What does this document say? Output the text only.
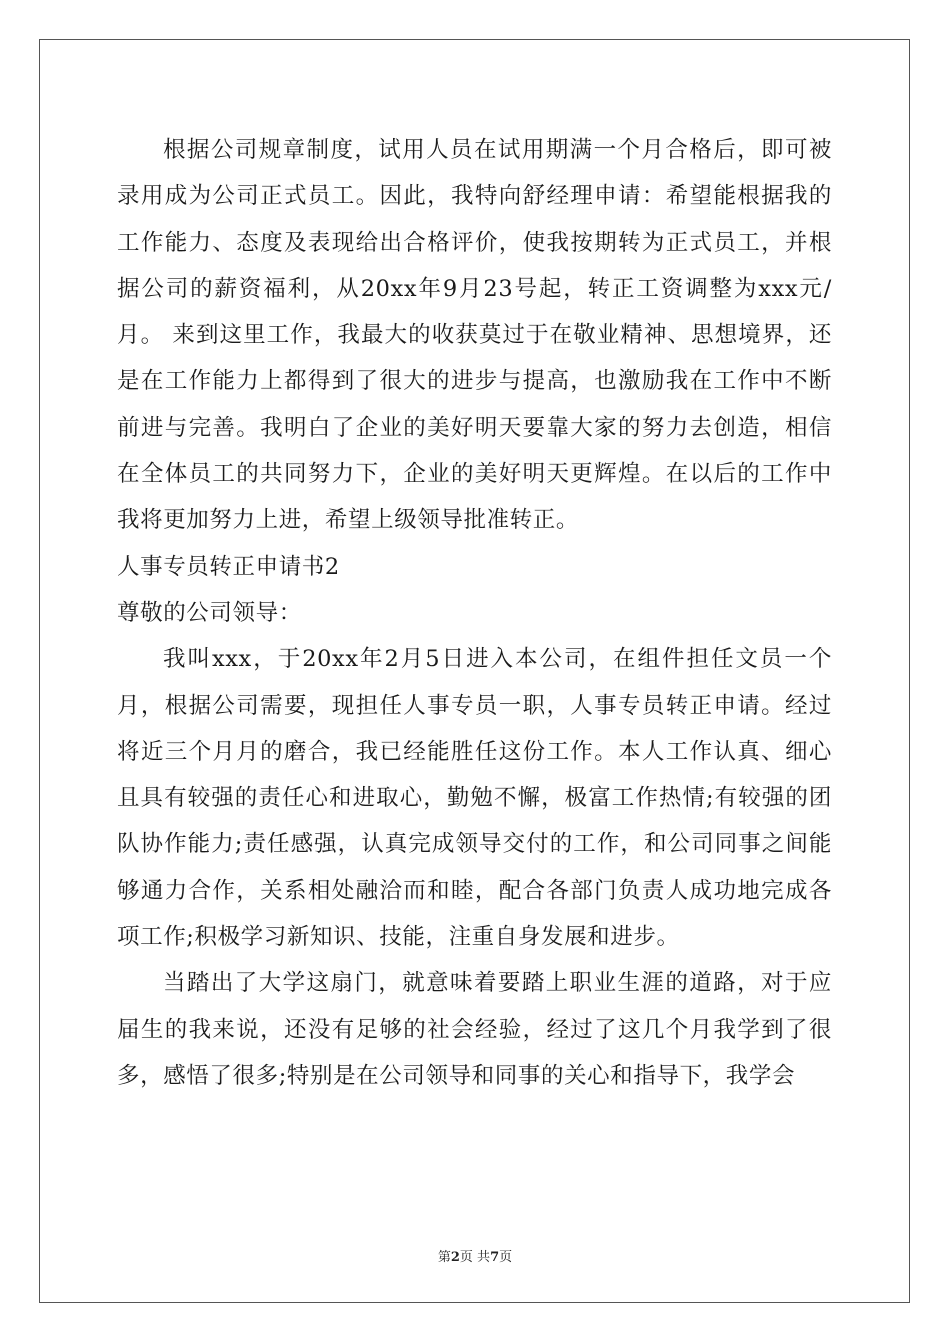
根据公司规章制度，试用人员在试用期满一个月合格后，即可被录用成为公司正式员工。因此，我特向舒经理申请：希望能根据我的工作能力、态度及表现给出合格评价，使我按期转为正式员工，并根据公司的薪资福利，从20xx年9月23号起，转正工资调整为xxx元/月。 来到这里工作，我最大的收获莫过于在敬业精神、思想境界，还是在工作能力上都得到了很大的进步与提高，也激励我在工作中不断前进与完善。我明白了企业的美好明天要靠大家的努力去创造，相信在全体员工的共同努力下，企业的美好明天更辉煌。在以后的工作中我将更加努力上进，希望上级领导批准转正。

人事专员转正申请书2

尊敬的公司领导：

我叫xxx，于20xx年2月5日进入本公司，在组件担任文员一个月，根据公司需要，现担任人事专员一职，人事专员转正申请。经过将近三个月月的磨合，我已经能胜任这份工作。本人工作认真、细心且具有较强的责任心和进取心，勤勉不懈，极富工作热情;有较强的团队协作能力;责任感强，认真完成领导交付的工作，和公司同事之间能够通力合作，关系相处融洽而和睦，配合各部门负责人成功地完成各项工作;积极学习新知识、技能，注重自身发展和进步。

当踏出了大学这扇门，就意味着要踏上职业生涯的道路，对于应届生的我来说，还没有足够的社会经验，经过了这几个月我学到了很多，感悟了很多;特别是在公司领导和同事的关心和指导下，我学会

第2页 共7页
